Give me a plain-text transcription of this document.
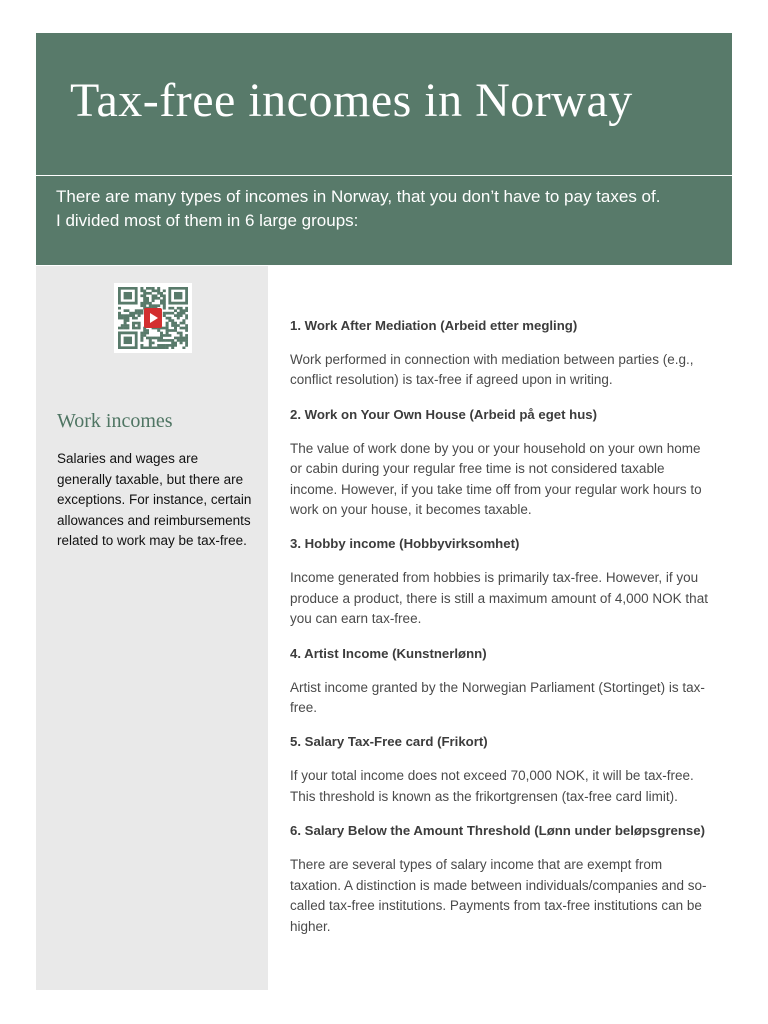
Tax-free incomes in Norway

There are many types of incomes in Norway, that you don’t have to pay taxes of.
I divided most of them in 6 large groups:

Work incomes

Salaries and wages are generally taxable, but there are exceptions. For instance, certain allowances and reimbursements related to work may be tax-free.

1. Work After Mediation (Arbeid etter megling)

Work performed in connection with mediation between parties (e.g., conflict resolution) is tax-free if agreed upon in writing.

2. Work on Your Own House (Arbeid på eget hus)

The value of work done by you or your household on your own home or cabin during your regular free time is not considered taxable income. However, if you take time off from your regular work hours to work on your house, it becomes taxable.

3. Hobby income (Hobbyvirksomhet)

Income generated from hobbies is primarily tax-free. However, if you produce a product, there is still a maximum amount of 4,000 NOK that you can earn tax-free.

4. Artist Income (Kunstnerlønn)

Artist income granted by the Norwegian Parliament (Stortinget) is tax-free.

5. Salary Tax-Free card (Frikort)

If your total income does not exceed 70,000 NOK, it will be tax-free. This threshold is known as the frikortgrensen (tax-free card limit).

6. Salary Below the Amount Threshold (Lønn under beløpsgrense)

There are several types of salary income that are exempt from taxation. A distinction is made between individuals/companies and so-called tax-free institutions. Payments from tax-free institutions can be higher.
